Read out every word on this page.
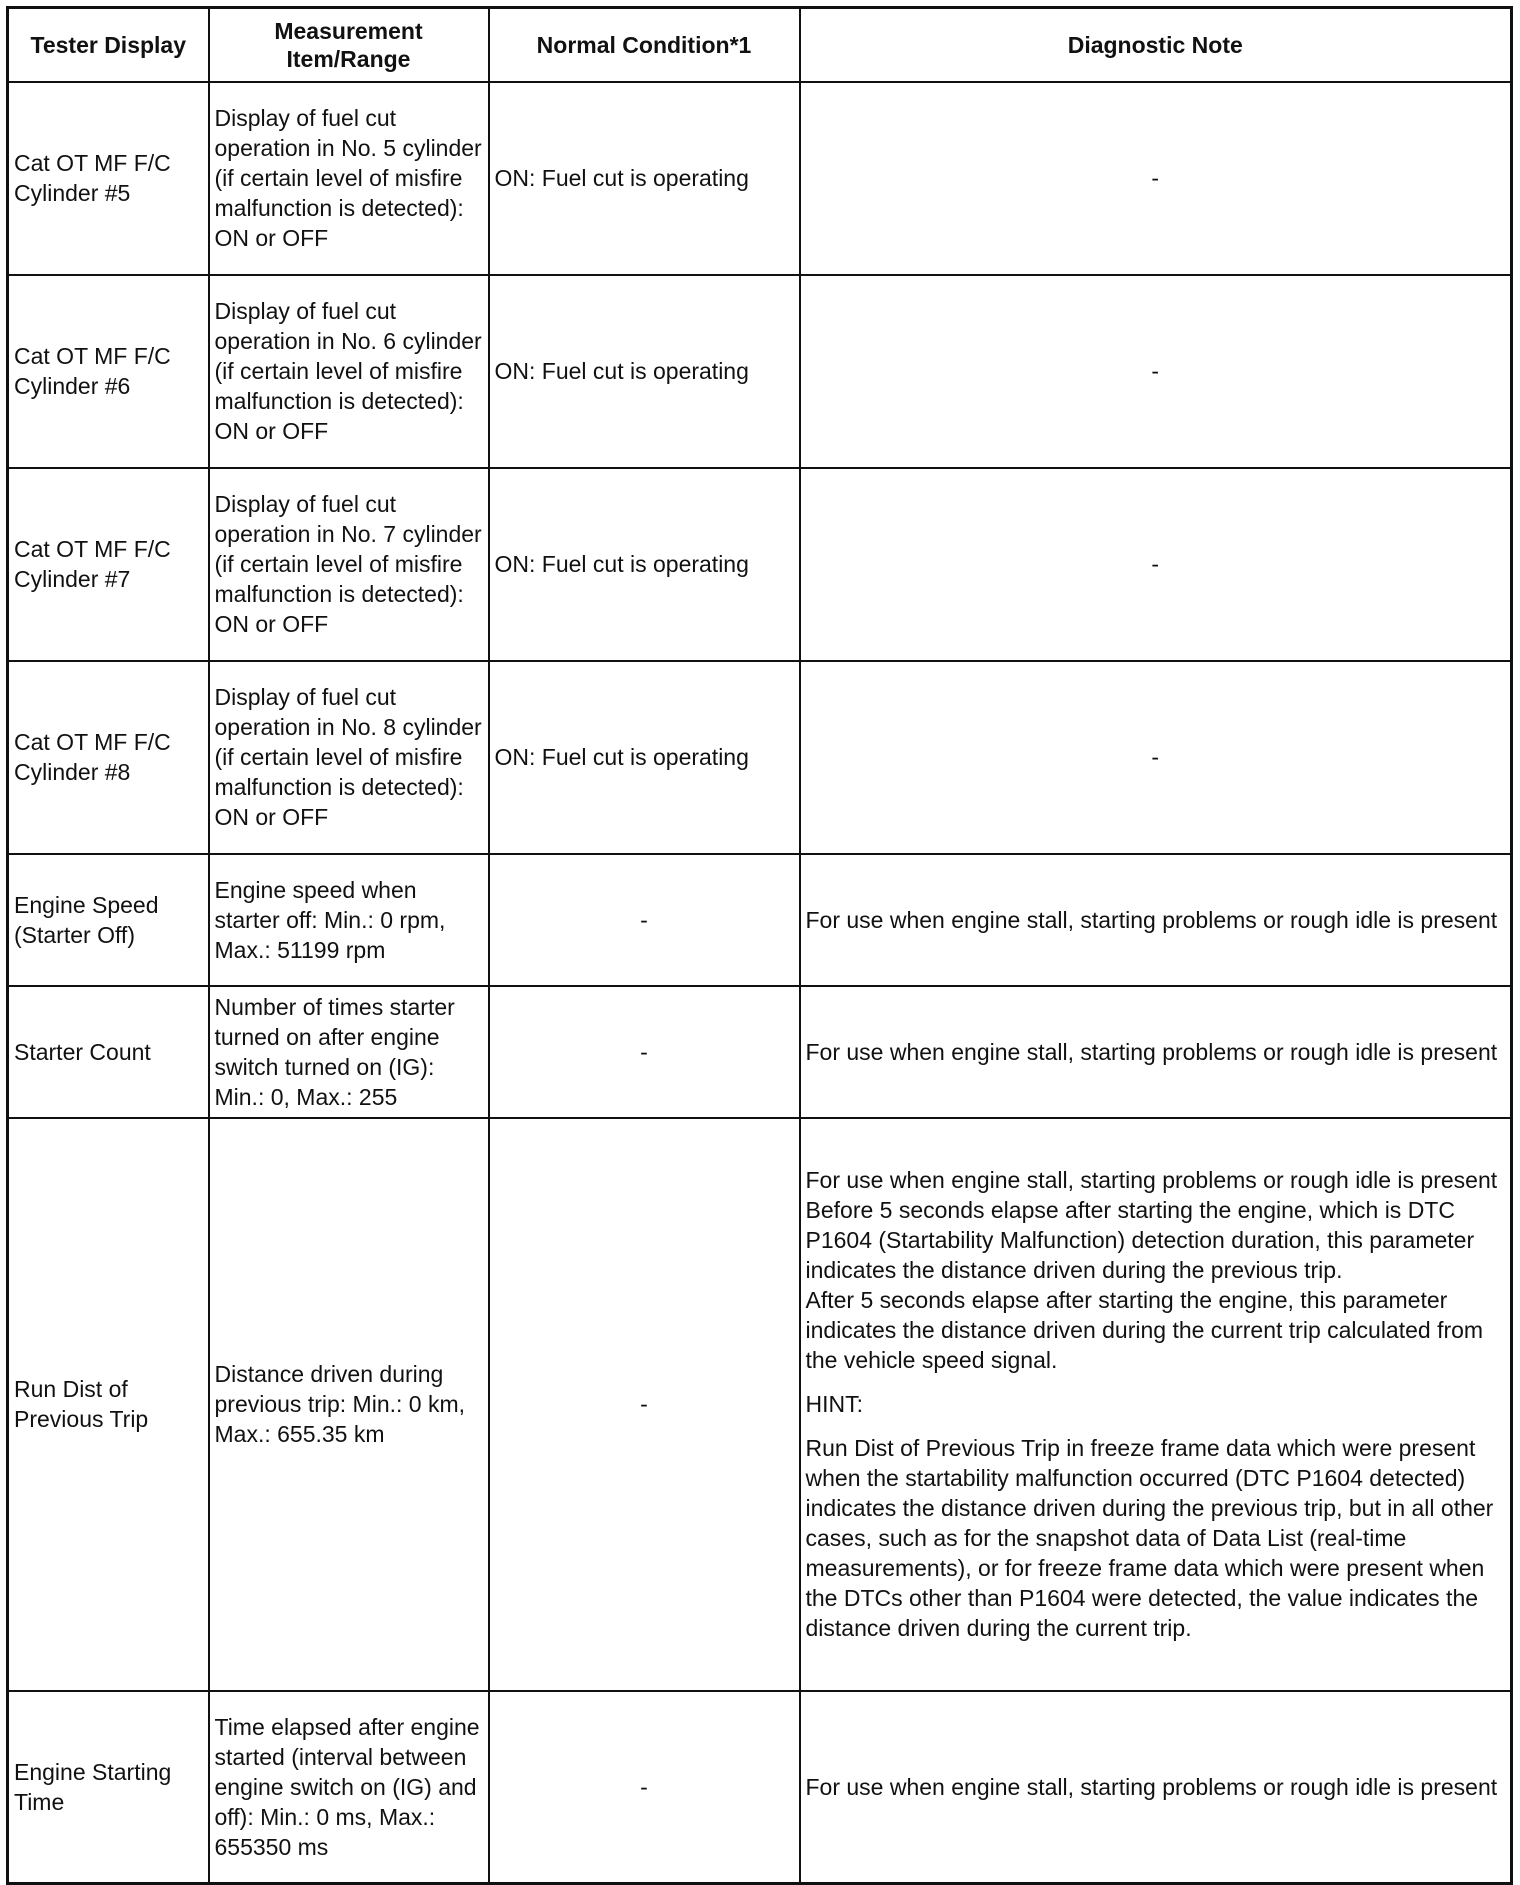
Tester Display	Measurement Item/Range	Normal Condition*1	Diagnostic Note
Cat OT MF F/C Cylinder #5	Display of fuel cut operation in No. 5 cylinder (if certain level of misfire malfunction is detected): ON or OFF	ON: Fuel cut is operating	-
Cat OT MF F/C Cylinder #6	Display of fuel cut operation in No. 6 cylinder (if certain level of misfire malfunction is detected): ON or OFF	ON: Fuel cut is operating	-
Cat OT MF F/C Cylinder #7	Display of fuel cut operation in No. 7 cylinder (if certain level of misfire malfunction is detected): ON or OFF	ON: Fuel cut is operating	-
Cat OT MF F/C Cylinder #8	Display of fuel cut operation in No. 8 cylinder (if certain level of misfire malfunction is detected): ON or OFF	ON: Fuel cut is operating	-
Engine Speed (Starter Off)	Engine speed when starter off: Min.: 0 rpm, Max.: 51199 rpm	-	For use when engine stall, starting problems or rough idle is present
Starter Count	Number of times starter turned on after engine switch turned on (IG): Min.: 0, Max.: 255	-	For use when engine stall, starting problems or rough idle is present
Run Dist of Previous Trip	Distance driven during previous trip: Min.: 0 km, Max.: 655.35 km	-	For use when engine stall, starting problems or rough idle is present
Before 5 seconds elapse after starting the engine, which is DTC P1604 (Startability Malfunction) detection duration, this parameter indicates the distance driven during the previous trip.
After 5 seconds elapse after starting the engine, this parameter indicates the distance driven during the current trip calculated from the vehicle speed signal.
HINT:
Run Dist of Previous Trip in freeze frame data which were present when the startability malfunction occurred (DTC P1604 detected) indicates the distance driven during the previous trip, but in all other cases, such as for the snapshot data of Data List (real-time measurements), or for freeze frame data which were present when the DTCs other than P1604 were detected, the value indicates the distance driven during the current trip.

Engine Starting Time	Time elapsed after engine started (interval between engine switch on (IG) and off): Min.: 0 ms, Max.: 655350 ms	-	For use when engine stall, starting problems or rough idle is present
